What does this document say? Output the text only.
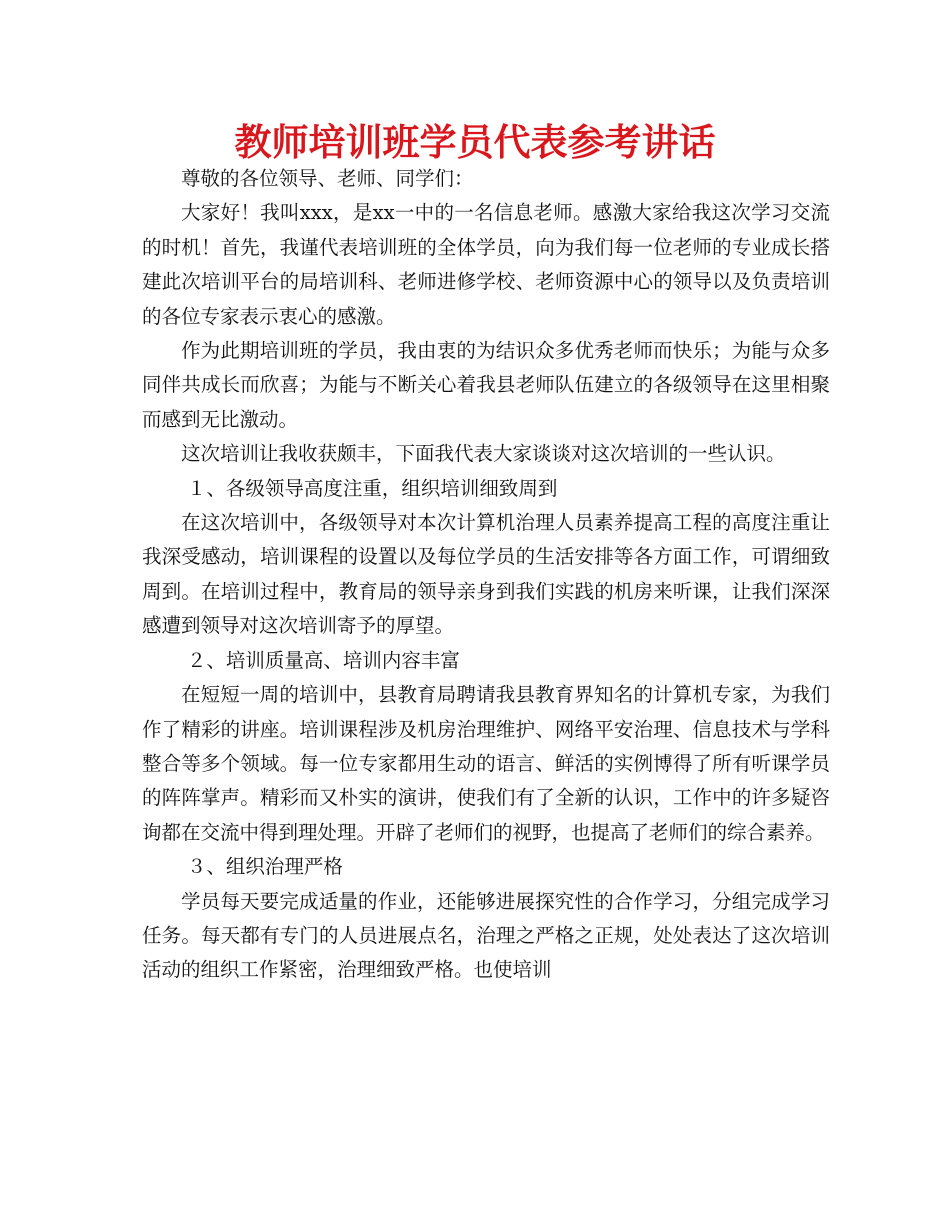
教师培训班学员代表参考讲话

尊敬的各位领导、老师、同学们：

大家好！我叫xxx，是xx一中的一名信息老师。感激大家给我这次学习交流的时机！首先，我谨代表培训班的全体学员，向为我们每一位老师的专业成长搭建此次培训平台的局培训科、老师进修学校、老师资源中心的领导以及负责培训的各位专家表示衷心的感激。

作为此期培训班的学员，我由衷的为结识众多优秀老师而快乐；为能与众多同伴共成长而欣喜；为能与不断关心着我县老师队伍建立的各级领导在这里相聚而感到无比激动。

这次培训让我收获颇丰，下面我代表大家谈谈对这次培训的一些认识。

１、各级领导高度注重，组织培训细致周到

在这次培训中，各级领导对本次计算机治理人员素养提高工程的高度注重让我深受感动，培训课程的设置以及每位学员的生活安排等各方面工作，可谓细致周到。在培训过程中，教育局的领导亲身到我们实践的机房来听课，让我们深深感遭到领导对这次培训寄予的厚望。

２、培训质量高、培训内容丰富

在短短一周的培训中，县教育局聘请我县教育界知名的计算机专家，为我们作了精彩的讲座。培训课程涉及机房治理维护、网络平安治理、信息技术与学科整合等多个领域。每一位专家都用生动的语言、鲜活的实例博得了所有听课学员的阵阵掌声。精彩而又朴实的演讲，使我们有了全新的认识，工作中的许多疑咨询都在交流中得到理处理。开辟了老师们的视野，也提高了老师们的综合素养。

３、组织治理严格

学员每天要完成适量的作业，还能够进展探究性的合作学习，分组完成学习任务。每天都有专门的人员进展点名，治理之严格之正规，处处表达了这次培训活动的组织工作紧密，治理细致严格。也使培训
